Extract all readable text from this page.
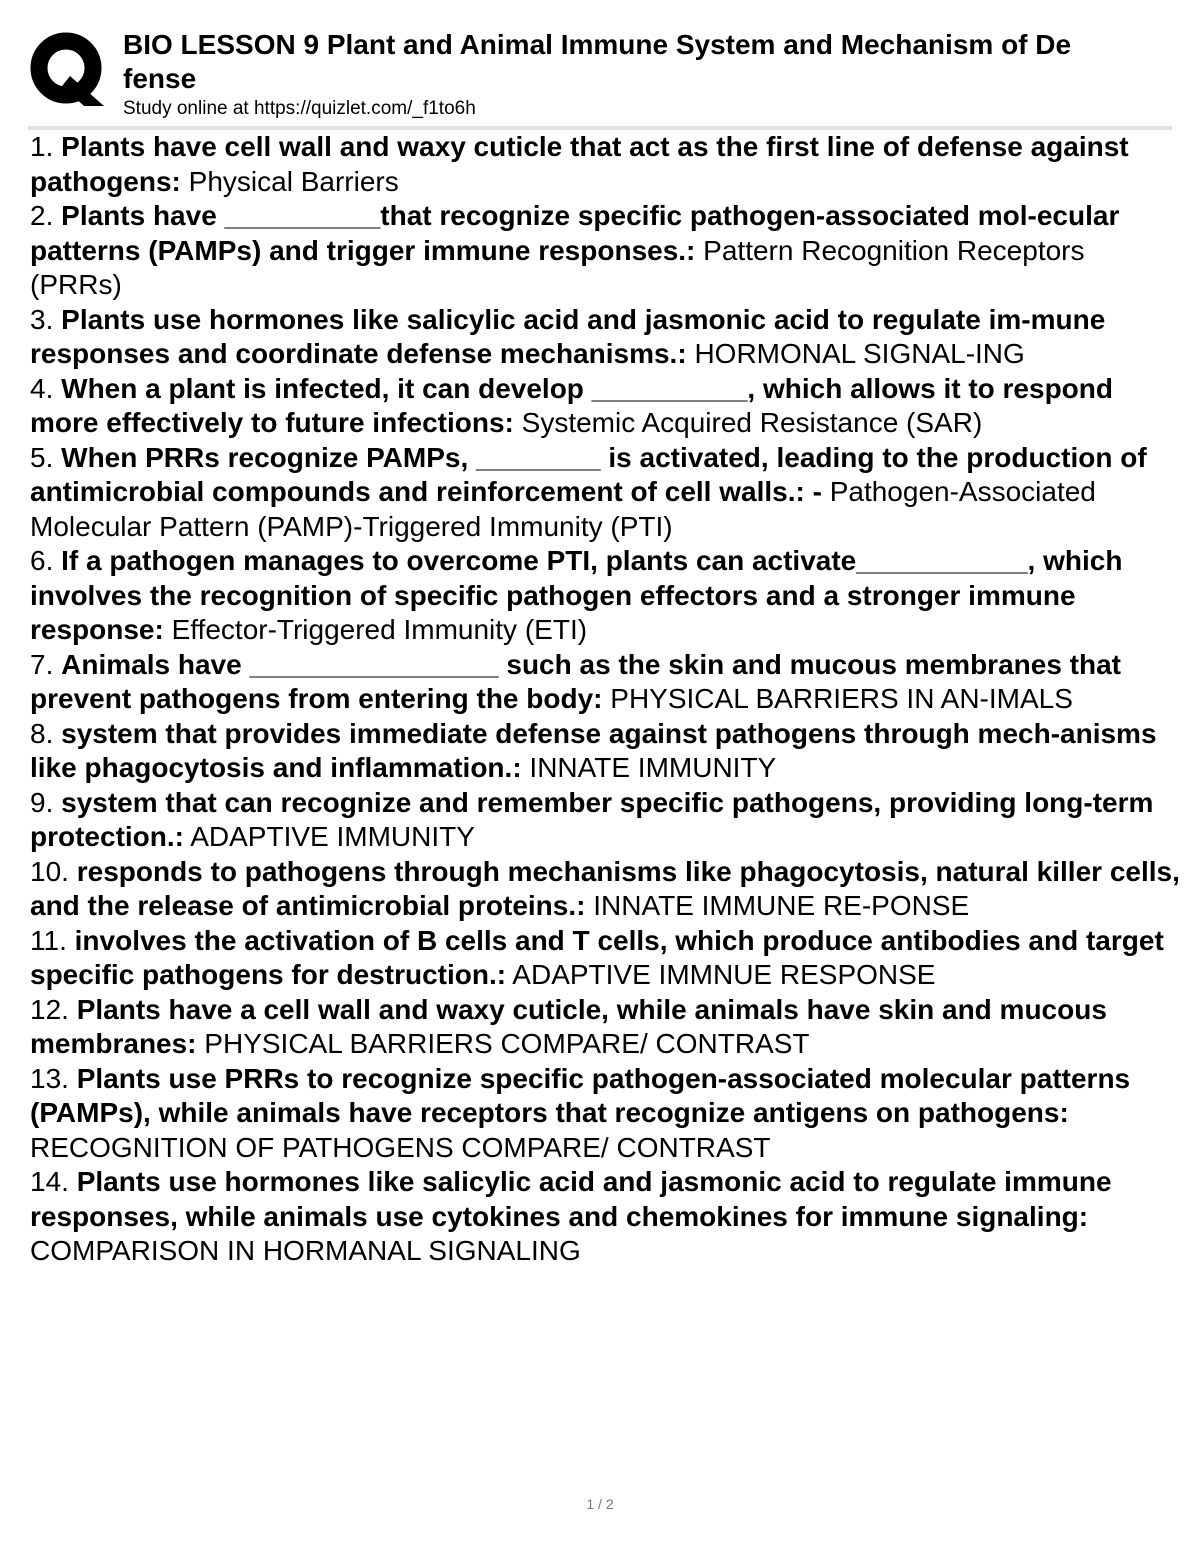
BIO LESSON 9 Plant and Animal Immune System and Mechanism of De
fense
Study online at https://quizlet.com/_f1to6h
1. Plants have cell wall and waxy cuticle that act as the first line of defense against pathogens: Physical Barriers
2. Plants have __________that recognize specific pathogen-associated mol-ecular patterns (PAMPs) and trigger immune responses.: Pattern Recognition Receptors (PRRs)
3. Plants use hormones like salicylic acid and jasmonic acid to regulate im-mune responses and coordinate defense mechanisms.: HORMONAL SIGNAL-ING
4. When a plant is infected, it can develop __________, which allows it to respond more effectively to future infections: Systemic Acquired Resistance (SAR)
5. When PRRs recognize PAMPs, ________ is activated, leading to the production of antimicrobial compounds and reinforcement of cell walls.: - Pathogen-Associated Molecular Pattern (PAMP)-Triggered Immunity (PTI)
6. If a pathogen manages to overcome PTI, plants can activate___________, which involves the recognition of specific pathogen effectors and a stronger immune response: Effector-Triggered Immunity (ETI)
7. Animals have ________________ such as the skin and mucous membranes that prevent pathogens from entering the body: PHYSICAL BARRIERS IN AN-IMALS
8. system that provides immediate defense against pathogens through mech-anisms like phagocytosis and inflammation.: INNATE IMMUNITY
9. system that can recognize and remember specific pathogens, providing long-term protection.: ADAPTIVE IMMUNITY
10. responds to pathogens through mechanisms like phagocytosis, natural killer cells, and the release of antimicrobial proteins.: INNATE IMMUNE RE-PONSE
11. involves the activation of B cells and T cells, which produce antibodies and target specific pathogens for destruction.: ADAPTIVE IMMNUE RESPONSE
12. Plants have a cell wall and waxy cuticle, while animals have skin and mucous membranes: PHYSICAL BARRIERS COMPARE/ CONTRAST
13. Plants use PRRs to recognize specific pathogen-associated molecular patterns (PAMPs), while animals have receptors that recognize antigens on pathogens: RECOGNITION OF PATHOGENS COMPARE/ CONTRAST
14. Plants use hormones like salicylic acid and jasmonic acid to regulate immune responses, while animals use cytokines and chemokines for immune signaling: COMPARISON IN HORMANAL SIGNALING
1 / 2
